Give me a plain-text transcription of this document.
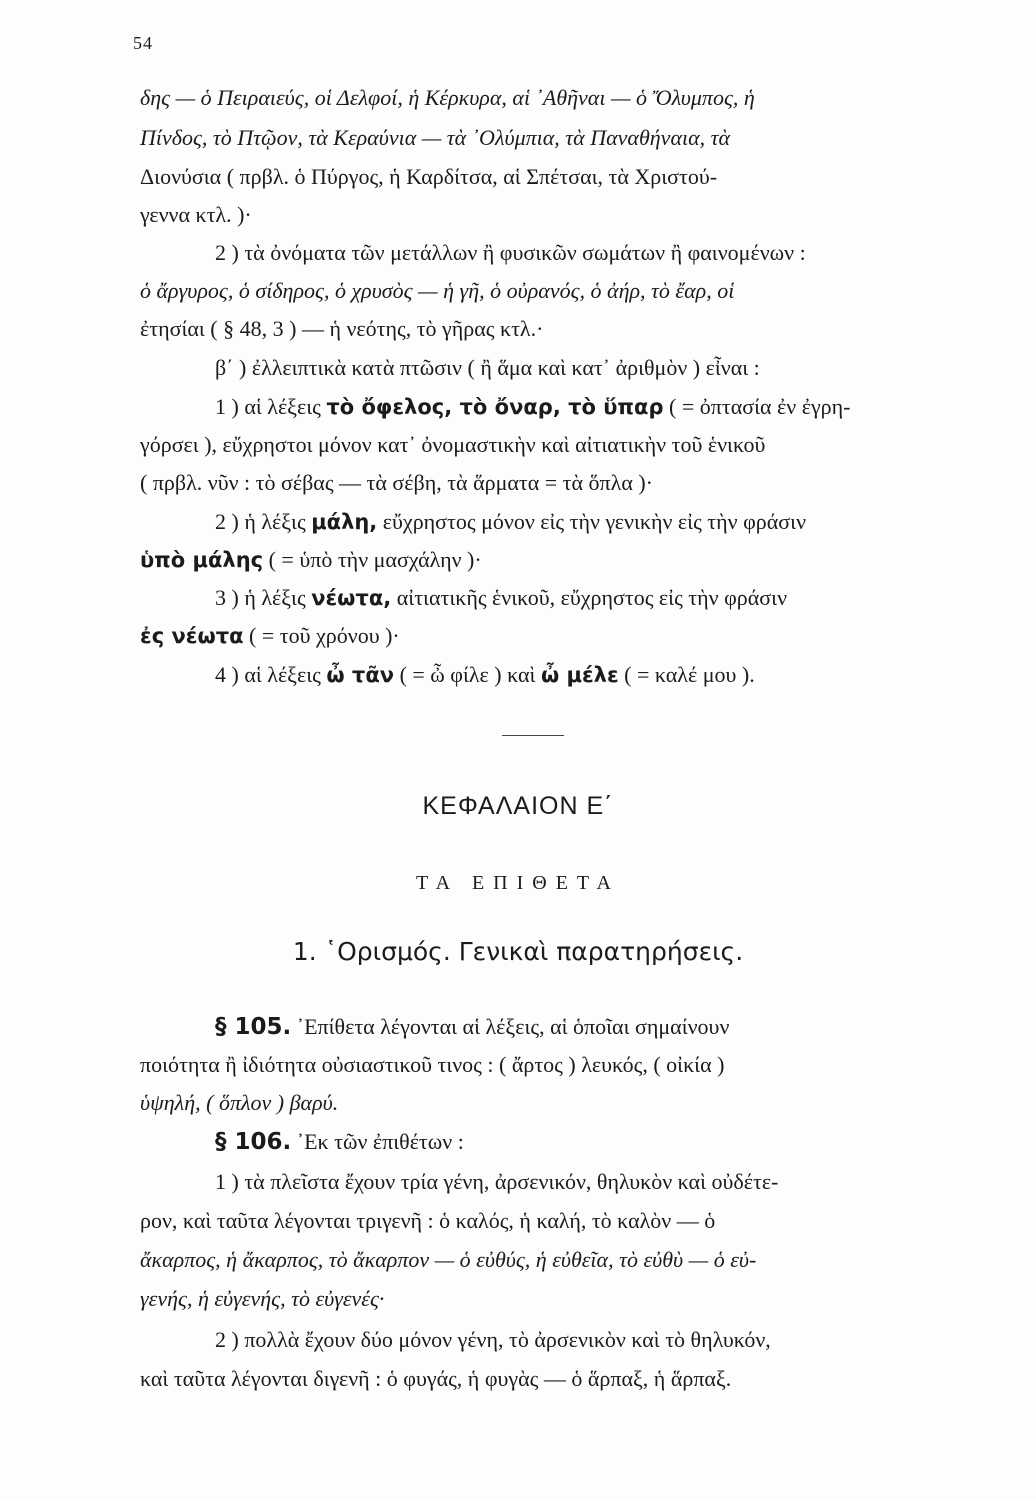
54
δης — ὁ Πειραιεύς, οἱ Δελφοί, ἡ Κέρκυρα, αἱ ᾿Αθῆναι — ὁ Ὄλυμπος, ἡ
Πίνδος, τὸ Πτῷον, τὰ Κεραύνια — τὰ ᾿Ολύμπια, τὰ Παναθήναια, τὰ
Διονύσια ( πρβλ. ὁ Πύργος, ἡ Καρδίτσα, αἱ Σπέτσαι, τὰ Χριστού-
γεννα κτλ. )·
2 ) τὰ ὀνόματα τῶν μετάλλων ἢ φυσικῶν σωμάτων ἢ φαινομένων :
ὁ ἄργυρος, ὁ σίδηρος, ὁ χρυσὸς — ἡ γῆ, ὁ οὐρανός, ὁ ἀήρ, τὸ ἔαρ, οἱ
ἐτησίαι ( § 48, 3 ) — ἡ νεότης, τὸ γῆρας κτλ.·
β΄ ) ἐλλειπτικὰ κατὰ πτῶσιν ( ἢ ἅμα καὶ κατ᾿ ἀριθμὸν ) εἶναι :
1 ) αἱ λέξεις τὸ ὄφελος, τὸ ὄναρ, τὸ ὕπαρ ( = ὀπτασία ἐν ἐγρη-
γόρσει ), εὔχρηστοι μόνον κατ᾿ ὀνομαστικὴν καὶ αἰτιατικὴν τοῦ ἑνικοῦ
( πρβλ. νῦν : τὸ σέβας — τὰ σέβη, τὰ ἅρματα = τὰ ὅπλα )·
2 ) ἡ λέξις μάλη, εὔχρηστος μόνον εἰς τὴν γενικὴν εἰς τὴν φράσιν
ὑπὸ μάλης ( = ὑπὸ τὴν μασχάλην )·
3 ) ἡ λέξις νέωτα, αἰτιατικῆς ἑνικοῦ, εὔχρηστος εἰς τὴν φράσιν
ἐς νέωτα ( = τοῦ χρόνου )·
4 ) αἱ λέξεις ὦ τᾶν ( = ὦ φίλε ) καὶ ὦ μέλε ( = καλέ μου ).
ΚΕΦΑΛΑΙΟΝ Ε΄
ΤΑ ΕΠΙΘΕΤΑ
1. ῾Ορισμός. Γενικαὶ παρατηρήσεις.
§ 105. ᾿Επίθετα λέγονται αἱ λέξεις, αἱ ὁποῖαι σημαίνουν
ποιότητα ἢ ἰδιότητα οὐσιαστικοῦ τινος : ( ἄρτος ) λευκός, ( οἰκία )
ὑψηλή, ( ὅπλον ) βαρύ.
§ 106. ᾿Εκ τῶν ἐπιθέτων :
1 ) τὰ πλεῖστα ἔχουν τρία γένη, ἀρσενικόν, θηλυκὸν καὶ οὐδέτε-
ρον, καὶ ταῦτα λέγονται τριγενῆ : ὁ καλός, ἡ καλή, τὸ καλὸν — ὁ
ἄκαρπος, ἡ ἄκαρπος, τὸ ἄκαρπον — ὁ εὐθύς, ἡ εὐθεῖα, τὸ εὐθὺ — ὁ εὐ-
γενής, ἡ εὐγενής, τὸ εὐγενές·
2 ) πολλὰ ἔχουν δύο μόνον γένη, τὸ ἀρσενικὸν καὶ τὸ θηλυκόν,
καὶ ταῦτα λέγονται διγενῆ : ὁ φυγάς, ἡ φυγὰς — ὁ ἅρπαξ, ἡ ἅρπαξ.
